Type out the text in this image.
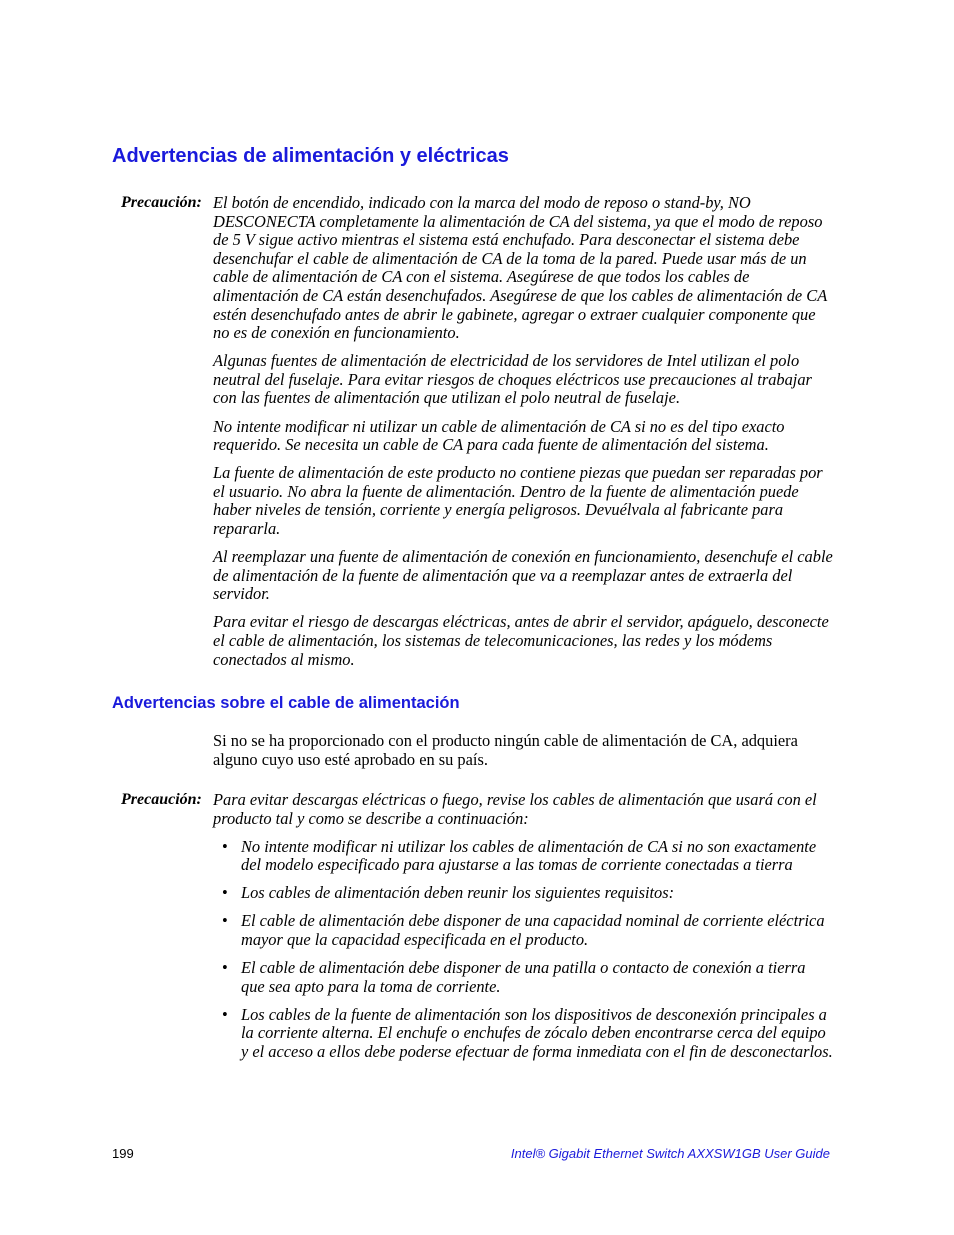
Advertencias de alimentación y eléctricas
Precaución: El botón de encendido, indicado con la marca del modo de reposo o stand-by, NO DESCONECTA completamente la alimentación de CA del sistema, ya que el modo de reposo de 5 V sigue activo mientras el sistema está enchufado. Para desconectar el sistema debe desenchufar el cable de alimentación de CA de la toma de la pared. Puede usar más de un cable de alimentación de CA con el sistema. Asegúrese de que todos los cables de alimentación de CA están desenchufados. Asegúrese de que los cables de alimentación de CA estén desenchufado antes de abrir le gabinete, agregar o extraer cualquier componente que no es de conexión en funcionamiento.

Algunas fuentes de alimentación de electricidad de los servidores de Intel utilizan el polo neutral del fuselaje. Para evitar riesgos de choques eléctricos use precauciones al trabajar con las fuentes de alimentación que utilizan el polo neutral de fuselaje.

No intente modificar ni utilizar un cable de alimentación de CA si no es del tipo exacto requerido. Se necesita un cable de CA para cada fuente de alimentación del sistema.

La fuente de alimentación de este producto no contiene piezas que puedan ser reparadas por el usuario. No abra la fuente de alimentación. Dentro de la fuente de alimentación puede haber niveles de tensión, corriente y energía peligrosos. Devuélvala al fabricante para repararla.

Al reemplazar una fuente de alimentación de conexión en funcionamiento, desenchufe el cable de alimentación de la fuente de alimentación que va a reemplazar antes de extraerla del servidor.

Para evitar el riesgo de descargas eléctricas, antes de abrir el servidor, apáguelo, desconecte el cable de alimentación, los sistemas de telecomunicaciones, las redes y los módems conectados al mismo.

Advertencias sobre el cable de alimentación

Si no se ha proporcionado con el producto ningún cable de alimentación de CA, adquiera alguno cuyo uso esté aprobado en su país.

Precaución: Para evitar descargas eléctricas o fuego, revise los cables de alimentación que usará con el producto tal y como se describe a continuación:

• No intente modificar ni utilizar los cables de alimentación de CA si no son exactamente del modelo especificado para ajustarse a las tomas de corriente conectadas a tierra
• Los cables de alimentación deben reunir los siguientes requisitos:
• El cable de alimentación debe disponer de una capacidad nominal de corriente eléctrica mayor que la capacidad especificada en el producto.
• El cable de alimentación debe disponer de una patilla o contacto de conexión a tierra que sea apto para la toma de corriente.
• Los cables de la fuente de alimentación son los dispositivos de desconexión principales a la corriente alterna. El enchufe o enchufes de zócalo deben encontrarse cerca del equipo y el acceso a ellos debe poderse efectuar de forma inmediata con el fin de desconectarlos.
199	Intel® Gigabit Ethernet Switch AXXSW1GB User Guide
